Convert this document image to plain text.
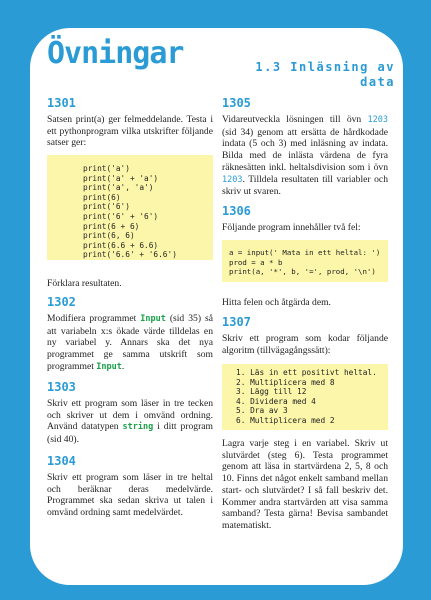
Övningar	1.3 Inläsning av
data
1301
Satsen print(a) ger felmeddelande. Testa i ett pythonprogram vilka utskrifter följande satser ger:
print('a')
print('a' + 'a')
print('a', 'a')
print(6)
print('6')
print('6' + '6')
print(6 + 6)
print(6, 6)
print(6.6 + 6.6)
print('6.6' + '6.6')
Förklara resultaten.
1302
Modifiera programmet Input (sid 35) så att variabeln x:s ökade värde tilldelas en ny variabel y. Annars ska det nya programmet ge samma utskrift som programmet Input.
1303
Skriv ett program som läser in tre tecken och skriver ut dem i omvänd ordning. Använd datatypen string i ditt program (sid 40).
1304
Skriv ett program som läser in tre heltal och beräknar deras medelvärde. Programmet ska sedan skriva ut talen i omvänd ordning samt medelvärdet.
1305
Vidareutveckla lösningen till övn 1203 (sid 34) genom att ersätta de hårdkodade indata (5 och 3) med inläsning av indata. Bilda med de inlästa värdena de fyra räknesätten inkl. heltalsdivision som i övn 1203. Tilldela resultaten till variabler och skriv ut svaren.
1306
Följande program innehåller två fel:
a = input(' Mata in ett heltal: ')
prod = a * b
print(a, '*', b, '=', prod, '\n')
Hitta felen och åtgärda dem.
1307
Skriv ett program som kodar följande algoritm (tillvägagångssätt):
1. Läs in ett positivt heltal.
2. Multiplicera med 8
3. Lägg till 12
4. Dividera med 4
5. Dra av 3
6. Multiplicera med 2
Lagra varje steg i en variabel. Skriv ut slutvärdet (steg 6). Testa programmet genom att läsa in startvärdena 2, 5, 8 och 10. Finns det något enkelt samband mellan start- och slutvärdet? I så fall beskriv det. Kommer andra startvärden att visa samma samband? Testa gärna! Bevisa sambandet matematiskt.
